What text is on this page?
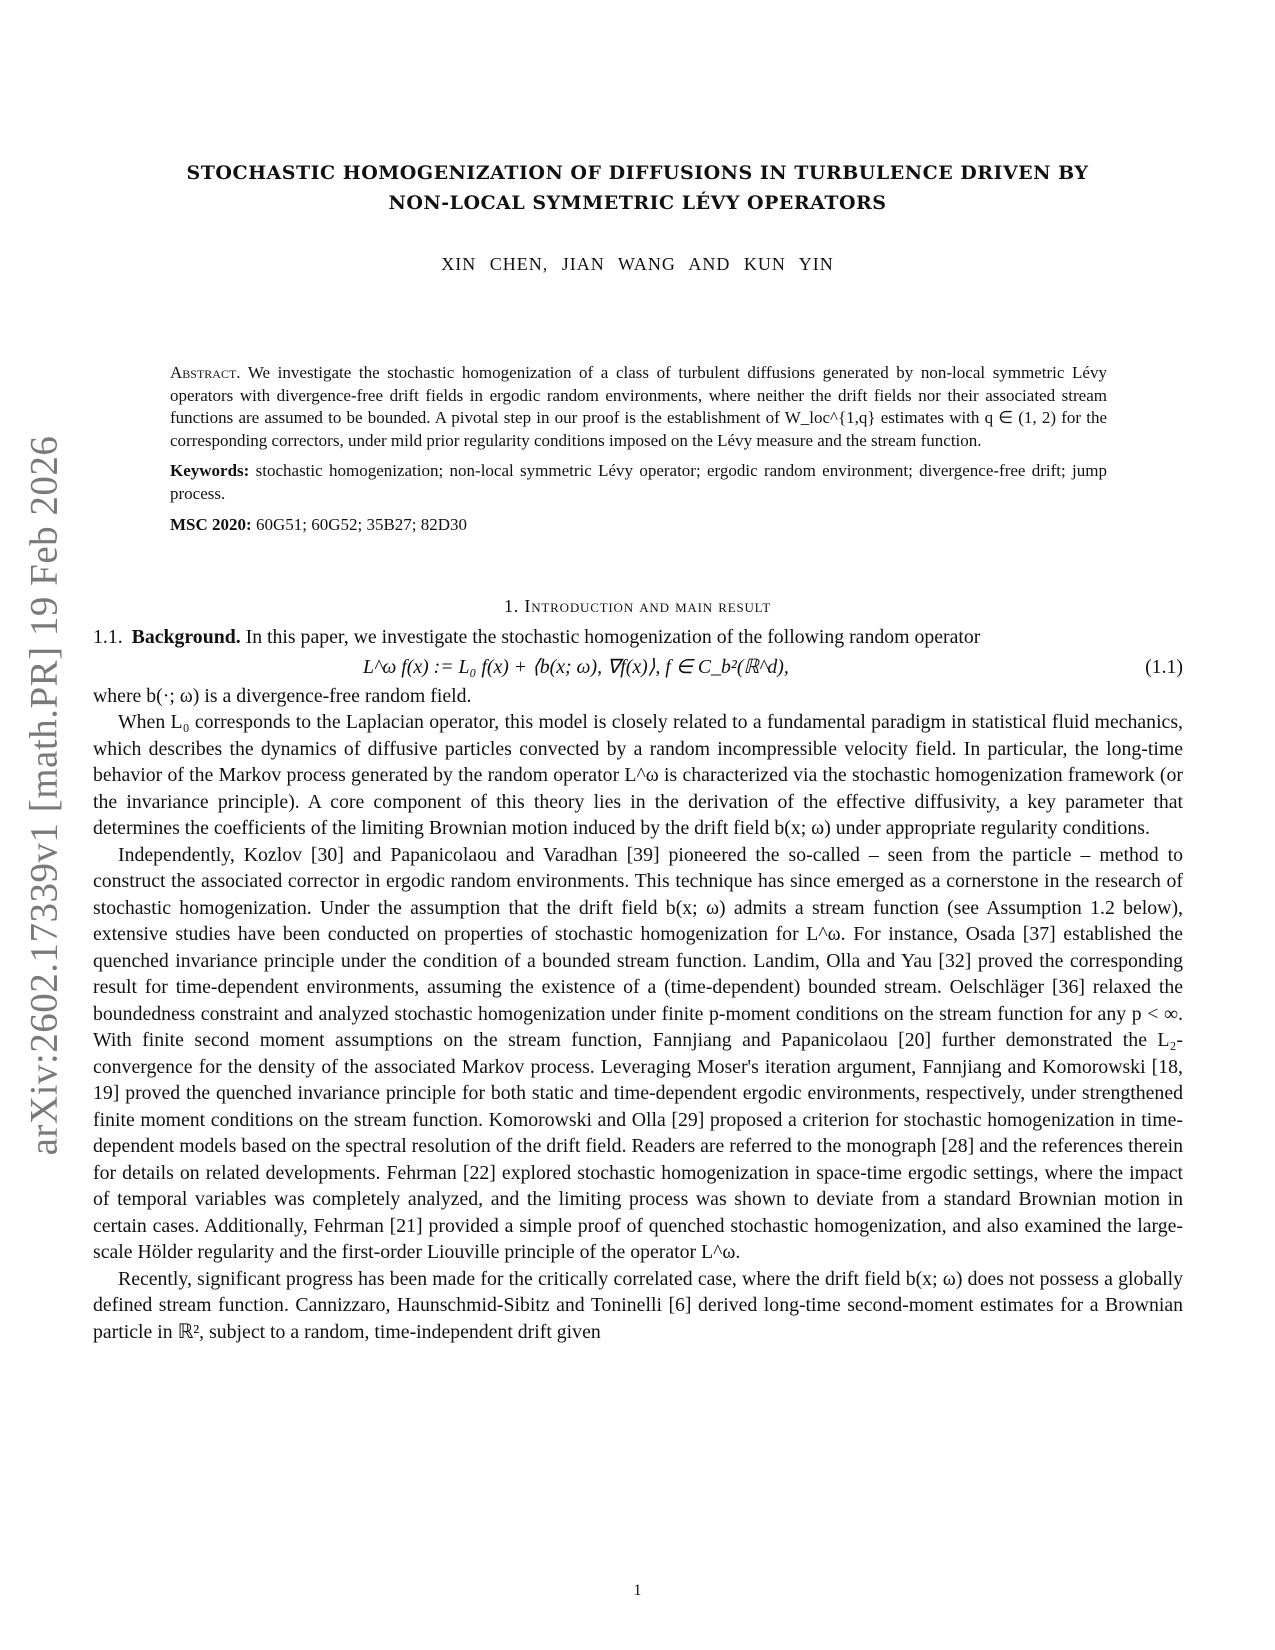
arXiv:2602.17339v1 [math.PR] 19 Feb 2026
STOCHASTIC HOMOGENIZATION OF DIFFUSIONS IN TURBULENCE DRIVEN BY
NON-LOCAL SYMMETRIC LÉVY OPERATORS
XIN CHEN, JIAN WANG AND KUN YIN

Abstract. We investigate the stochastic homogenization of a class of turbulent diffusions generated by non-local symmetric Lévy operators with divergence-free drift fields in ergodic random environments, where neither the drift fields nor their associated stream functions are assumed to be bounded. A pivotal step in our proof is the establishment of W_loc^{1,q} estimates with q ∈ (1, 2) for the corresponding correctors, under mild prior regularity conditions imposed on the Lévy measure and the stream function.

Keywords: stochastic homogenization; non-local symmetric Lévy operator; ergodic random environment; divergence-free drift; jump process.

MSC 2020: 60G51; 60G52; 35B27; 82D30

1. Introduction and main result

1.1. Background. In this paper, we investigate the stochastic homogenization of the following random operator

L^ω f(x) := L₀ f(x) + ⟨b(x; ω), ∇f(x)⟩, f ∈ C_b²(ℝ^d),	(1.1)

where b(·; ω) is a divergence-free random field.

When L₀ corresponds to the Laplacian operator, this model is closely related to a fundamental paradigm in statistical fluid mechanics, which describes the dynamics of diffusive particles convected by a random incompressible velocity field. In particular, the long-time behavior of the Markov process generated by the random operator L^ω is characterized via the stochastic homogenization framework (or the invariance principle). A core component of this theory lies in the derivation of the effective diffusivity, a key parameter that determines the coefficients of the limiting Brownian motion induced by the drift field b(x; ω) under appropriate regularity conditions.

Independently, Kozlov [30] and Papanicolaou and Varadhan [39] pioneered the so-called – seen from the particle – method to construct the associated corrector in ergodic random environments. This technique has since emerged as a cornerstone in the research of stochastic homogenization. Under the assumption that the drift field b(x; ω) admits a stream function (see Assumption 1.2 below), extensive studies have been conducted on properties of stochastic homogenization for L^ω. For instance, Osada [37] established the quenched invariance principle under the condition of a bounded stream function. Landim, Olla and Yau [32] proved the corresponding result for time-dependent environments, assuming the existence of a (time-dependent) bounded stream. Oelschläger [36] relaxed the boundedness constraint and analyzed stochastic homogenization under finite p-moment conditions on the stream function for any p < ∞. With finite second moment assumptions on the stream function, Fannjiang and Papanicolaou [20] further demonstrated the L₂-convergence for the density of the associated Markov process. Leveraging Moser's iteration argument, Fannjiang and Komorowski [18, 19] proved the quenched invariance principle for both static and time-dependent ergodic environments, respectively, under strengthened finite moment conditions on the stream function. Komorowski and Olla [29] proposed a criterion for stochastic homogenization in time-dependent models based on the spectral resolution of the drift field. Readers are referred to the monograph [28] and the references therein for details on related developments. Fehrman [22] explored stochastic homogenization in space-time ergodic settings, where the impact of temporal variables was completely analyzed, and the limiting process was shown to deviate from a standard Brownian motion in certain cases. Additionally, Fehrman [21] provided a simple proof of quenched stochastic homogenization, and also examined the large-scale Hölder regularity and the first-order Liouville principle of the operator L^ω.

Recently, significant progress has been made for the critically correlated case, where the drift field b(x; ω) does not possess a globally defined stream function. Cannizzaro, Haunschmid-Sibitz and Toninelli [6] derived long-time second-moment estimates for a Brownian particle in ℝ², subject to a random, time-independent drift given

1
